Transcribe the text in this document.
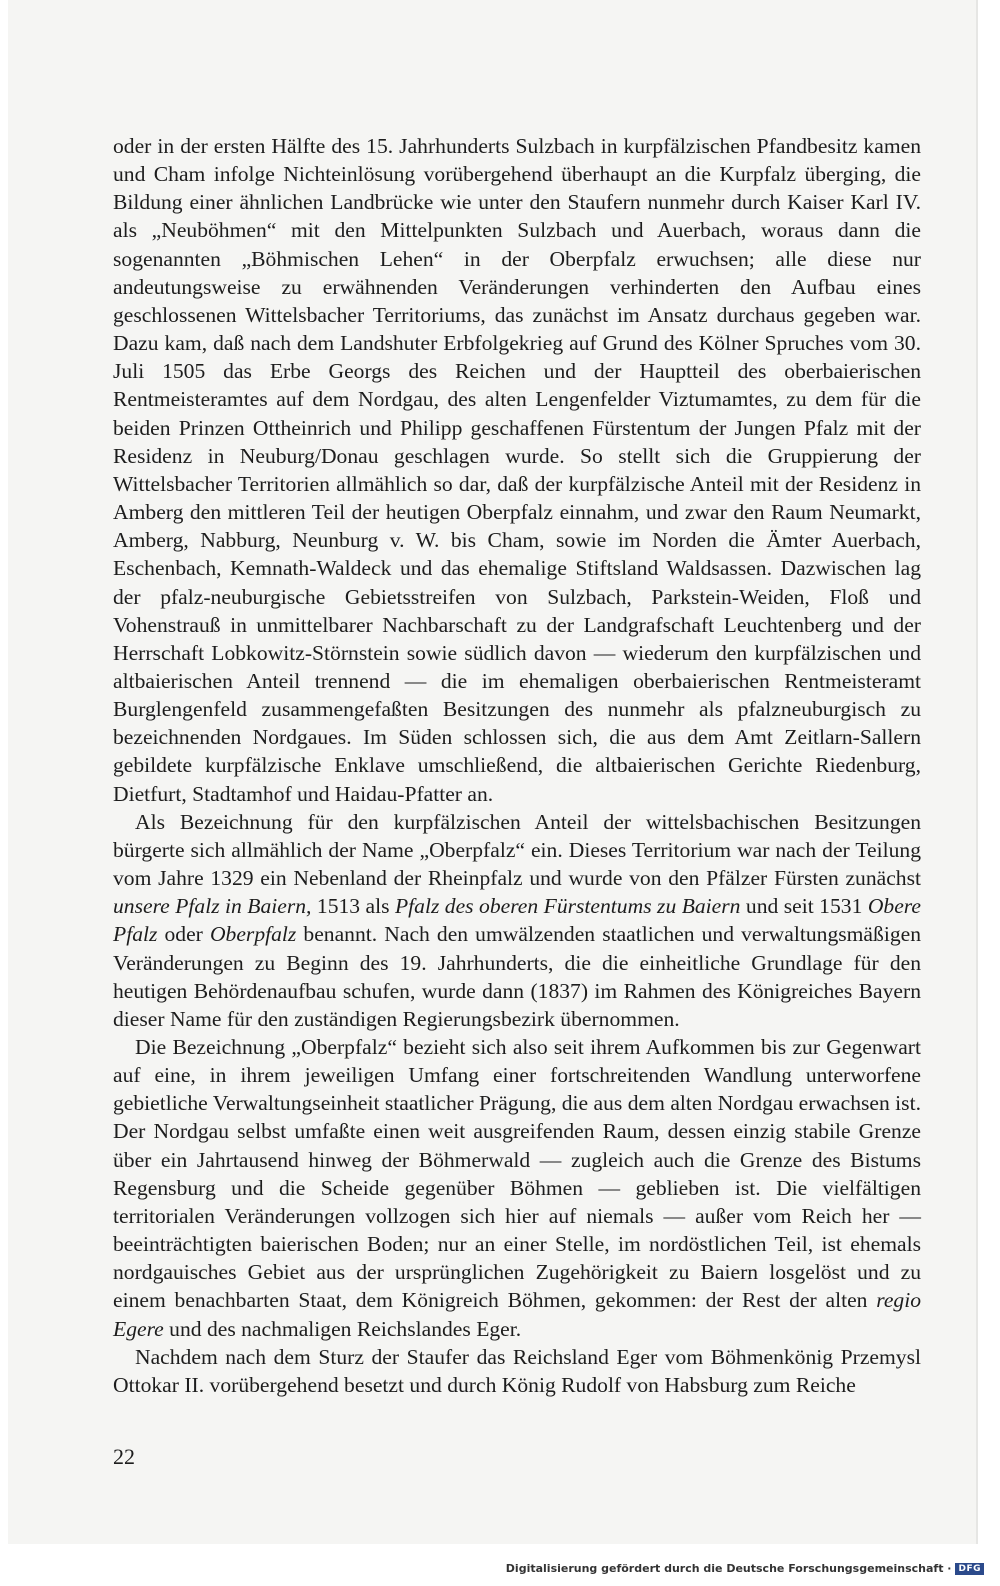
oder in der ersten Hälfte des 15. Jahrhunderts Sulzbach in kurpfälzischen Pfandbesitz kamen und Cham infolge Nichteinlösung vorübergehend überhaupt an die Kurpfalz überging, die Bildung einer ähnlichen Landbrücke wie unter den Staufern nunmehr durch Kaiser Karl IV. als „Neuböhmen“ mit den Mittelpunkten Sulzbach und Auerbach, woraus dann die sogenannten „Böhmischen Lehen“ in der Oberpfalz erwuchsen; alle diese nur andeutungsweise zu erwähnenden Veränderungen verhinderten den Aufbau eines geschlossenen Wittelsbacher Territoriums, das zunächst im Ansatz durchaus gegeben war. Dazu kam, daß nach dem Landshuter Erbfolgekrieg auf Grund des Kölner Spruches vom 30. Juli 1505 das Erbe Georgs des Reichen und der Hauptteil des oberbaierischen Rentmeisteramtes auf dem Nordgau, des alten Lengenfelder Viztumamtes, zu dem für die beiden Prinzen Ottheinrich und Philipp geschaffenen Fürstentum der Jungen Pfalz mit der Residenz in Neuburg/Donau geschlagen wurde. So stellt sich die Gruppierung der Wittelsbacher Territorien allmählich so dar, daß der kurpfälzische Anteil mit der Residenz in Amberg den mittleren Teil der heutigen Oberpfalz einnahm, und zwar den Raum Neumarkt, Amberg, Nabburg, Neunburg v. W. bis Cham, sowie im Norden die Ämter Auerbach, Eschenbach, Kemnath-Waldeck und das ehemalige Stiftsland Waldsassen. Dazwischen lag der pfalz-neuburgische Gebietsstreifen von Sulzbach, Parkstein-Weiden, Floß und Vohenstrauß in unmittelbarer Nachbarschaft zu der Landgrafschaft Leuchtenberg und der Herrschaft Lobkowitz-Störnstein sowie südlich davon — wiederum den kurpfälzischen und altbaierischen Anteil trennend — die im ehemaligen oberbaierischen Rentmeisteramt Burglengenfeld zusammengefaßten Besitzungen des nunmehr als pfalzneuburgisch zu bezeichnenden Nordgaues. Im Süden schlossen sich, die aus dem Amt Zeitlarn-Sallern gebildete kurpfälzische Enklave umschließend, die altbaierischen Gerichte Riedenburg, Dietfurt, Stadtamhof und Haidau-Pfatter an.

Als Bezeichnung für den kurpfälzischen Anteil der wittelsbachischen Besitzungen bürgerte sich allmählich der Name „Oberpfalz“ ein. Dieses Territorium war nach der Teilung vom Jahre 1329 ein Nebenland der Rheinpfalz und wurde von den Pfälzer Fürsten zunächst unsere Pfalz in Baiern, 1513 als Pfalz des oberen Fürstentums zu Baiern und seit 1531 Obere Pfalz oder Oberpfalz benannt. Nach den umwälzenden staatlichen und verwaltungsmäßigen Veränderungen zu Beginn des 19. Jahrhunderts, die die einheitliche Grundlage für den heutigen Behördenaufbau schufen, wurde dann (1837) im Rahmen des Königreiches Bayern dieser Name für den zuständigen Regierungsbezirk übernommen.

Die Bezeichnung „Oberpfalz“ bezieht sich also seit ihrem Aufkommen bis zur Gegenwart auf eine, in ihrem jeweiligen Umfang einer fortschreitenden Wandlung unterworfene gebietliche Verwaltungseinheit staatlicher Prägung, die aus dem alten Nordgau erwachsen ist. Der Nordgau selbst umfaßte einen weit ausgreifenden Raum, dessen einzig stabile Grenze über ein Jahrtausend hinweg der Böhmerwald — zugleich auch die Grenze des Bistums Regensburg und die Scheide gegenüber Böhmen — geblieben ist. Die vielfältigen territorialen Veränderungen vollzogen sich hier auf niemals — außer vom Reich her — beeinträchtigten baierischen Boden; nur an einer Stelle, im nordöstlichen Teil, ist ehemals nordgauisches Gebiet aus der ursprünglichen Zugehörigkeit zu Baiern losgelöst und zu einem benachbarten Staat, dem Königreich Böhmen, gekommen: der Rest der alten regio Egere und des nachmaligen Reichslandes Eger.

Nachdem nach dem Sturz der Staufer das Reichsland Eger vom Böhmenkönig Przemysl Ottokar II. vorübergehend besetzt und durch König Rudolf von Habsburg zum Reiche

22
Digitalisierung gefördert durch die Deutsche Forschungsgemeinschaft · DFG
